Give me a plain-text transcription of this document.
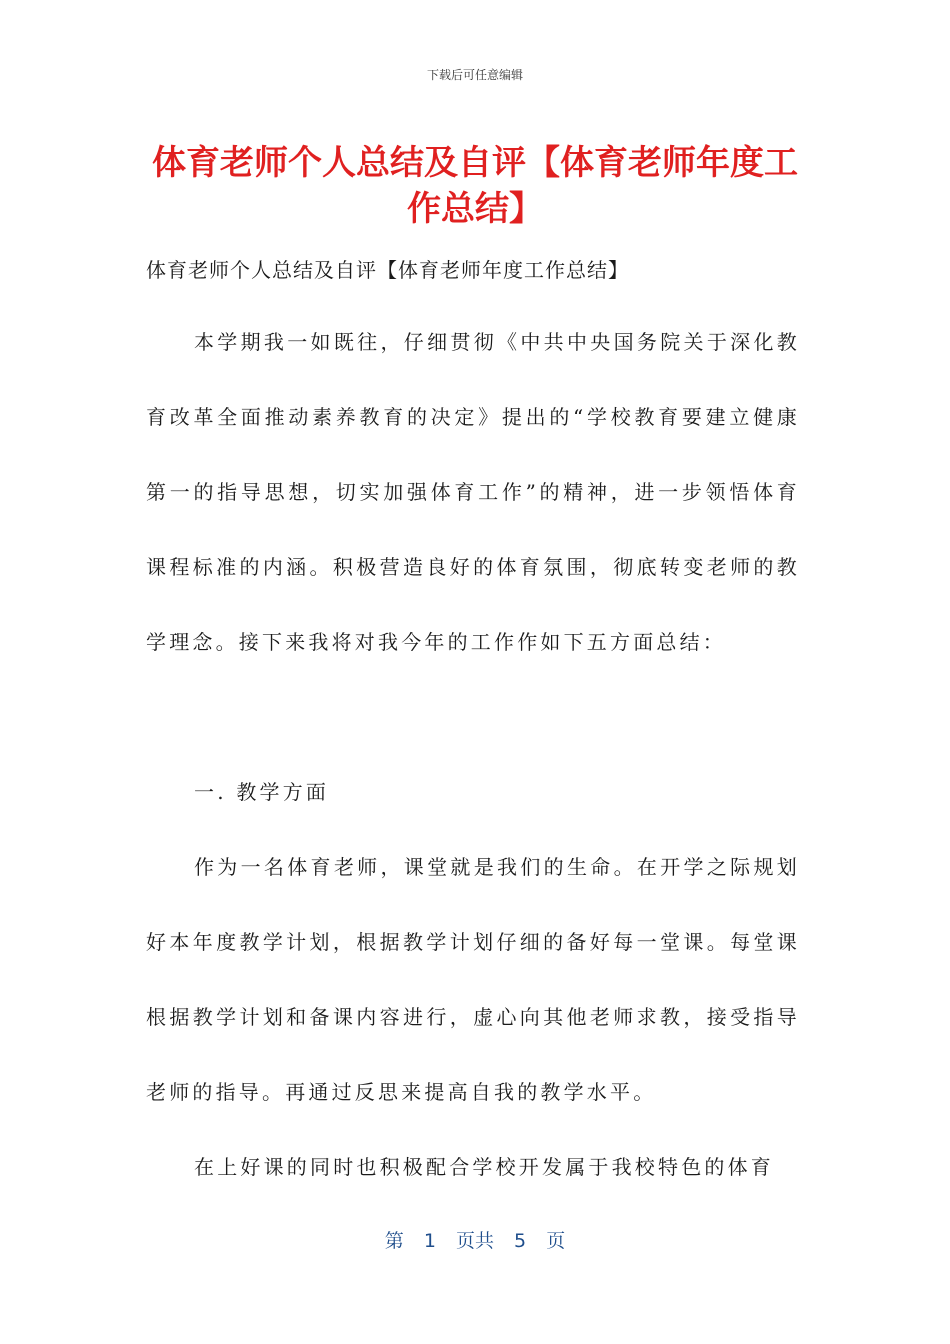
下载后可任意编辑
体育老师个人总结及自评【体育老师年度工作总结】
体育老师个人总结及自评【体育老师年度工作总结】

本学期我一如既往，仔细贯彻《中共中央国务院关于深化教育改革全面推动素养教育的决定》提出的“学校教育要建立健康第一的指导思想，切实加强体育工作”的精神，进一步领悟体育课程标准的内涵。积极营造良好的体育氛围，彻底转变老师的教学理念。接下来我将对我今年的工作作如下五方面总结：

一. 教学方面

作为一名体育老师，课堂就是我们的生命。在开学之际规划好本年度教学计划，根据教学计划仔细的备好每一堂课。每堂课根据教学计划和备课内容进行，虚心向其他老师求教，接受指导老师的指导。再通过反思来提高自我的教学水平。

在上好课的同时也积极配合学校开发属于我校特色的体育

第 1 页共 5 页
